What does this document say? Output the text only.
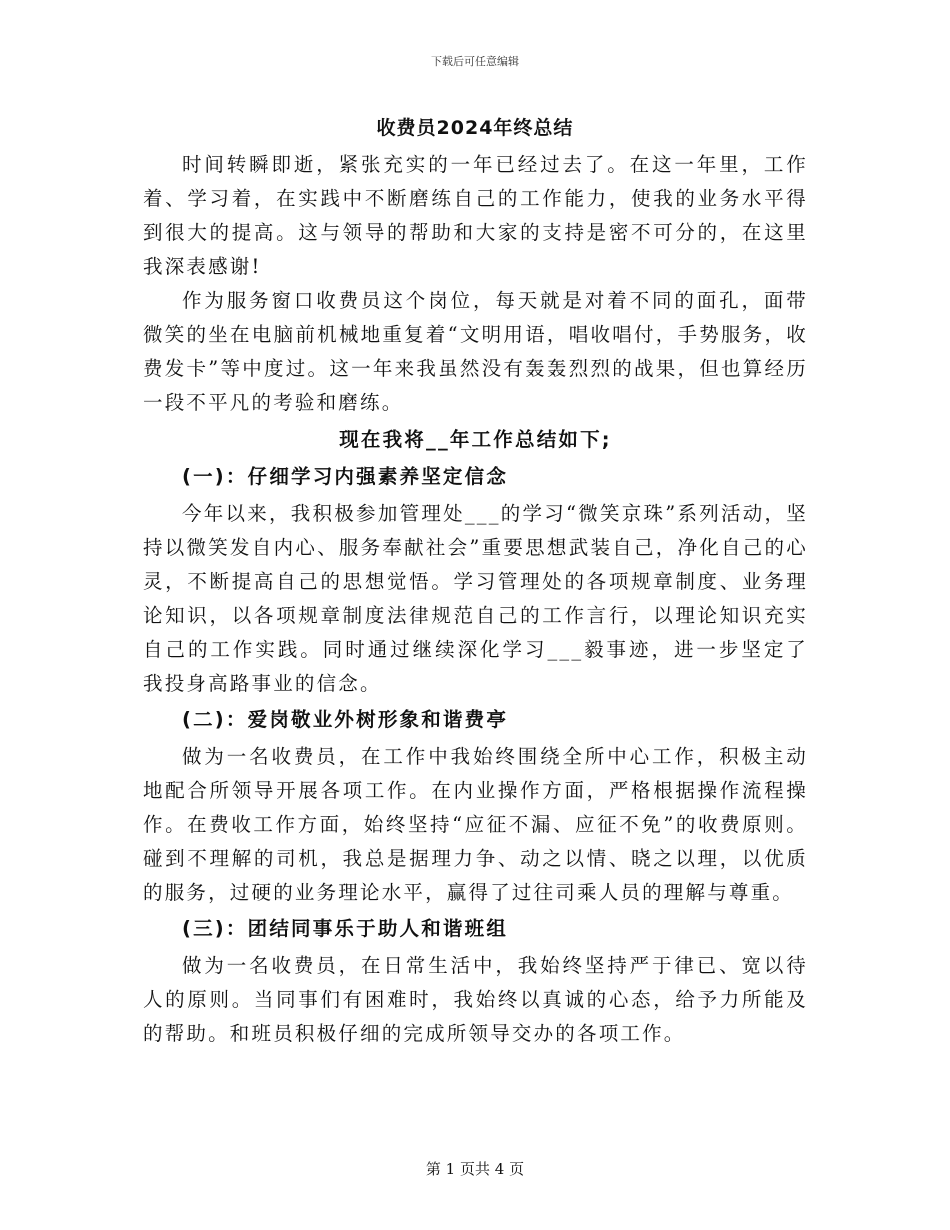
下载后可任意编辑
收费员2024年终总结

时间转瞬即逝，紧张充实的一年已经过去了。在这一年里，工作着、学习着，在实践中不断磨练自己的工作能力，使我的业务水平得到很大的提高。这与领导的帮助和大家的支持是密不可分的，在这里我深表感谢!

作为服务窗口收费员这个岗位，每天就是对着不同的面孔，面带微笑的坐在电脑前机械地重复着“文明用语，唱收唱付，手势服务，收费发卡”等中度过。这一年来我虽然没有轰轰烈烈的战果，但也算经历一段不平凡的考验和磨练。

现在我将__年工作总结如下;

(一)：仔细学习内强素养坚定信念

今年以来，我积极参加管理处___的学习“微笑京珠”系列活动，坚持以微笑发自内心、服务奉献社会”重要思想武装自己，净化自己的心灵，不断提高自己的思想觉悟。学习管理处的各项规章制度、业务理论知识，以各项规章制度法律规范自己的工作言行，以理论知识充实自己的工作实践。同时通过继续深化学习___毅事迹，进一步坚定了我投身高路事业的信念。

(二)：爱岗敬业外树形象和谐费亭

做为一名收费员，在工作中我始终围绕全所中心工作，积极主动地配合所领导开展各项工作。在内业操作方面，严格根据操作流程操作。在费收工作方面，始终坚持“应征不漏、应征不免”的收费原则。碰到不理解的司机，我总是据理力争、动之以情、晓之以理，以优质的服务，过硬的业务理论水平，赢得了过往司乘人员的理解与尊重。

(三)：团结同事乐于助人和谐班组

做为一名收费员，在日常生活中，我始终坚持严于律已、宽以待人的原则。当同事们有困难时，我始终以真诚的心态，给予力所能及的帮助。和班员积极仔细的完成所领导交办的各项工作。

第 1 页共 4 页
